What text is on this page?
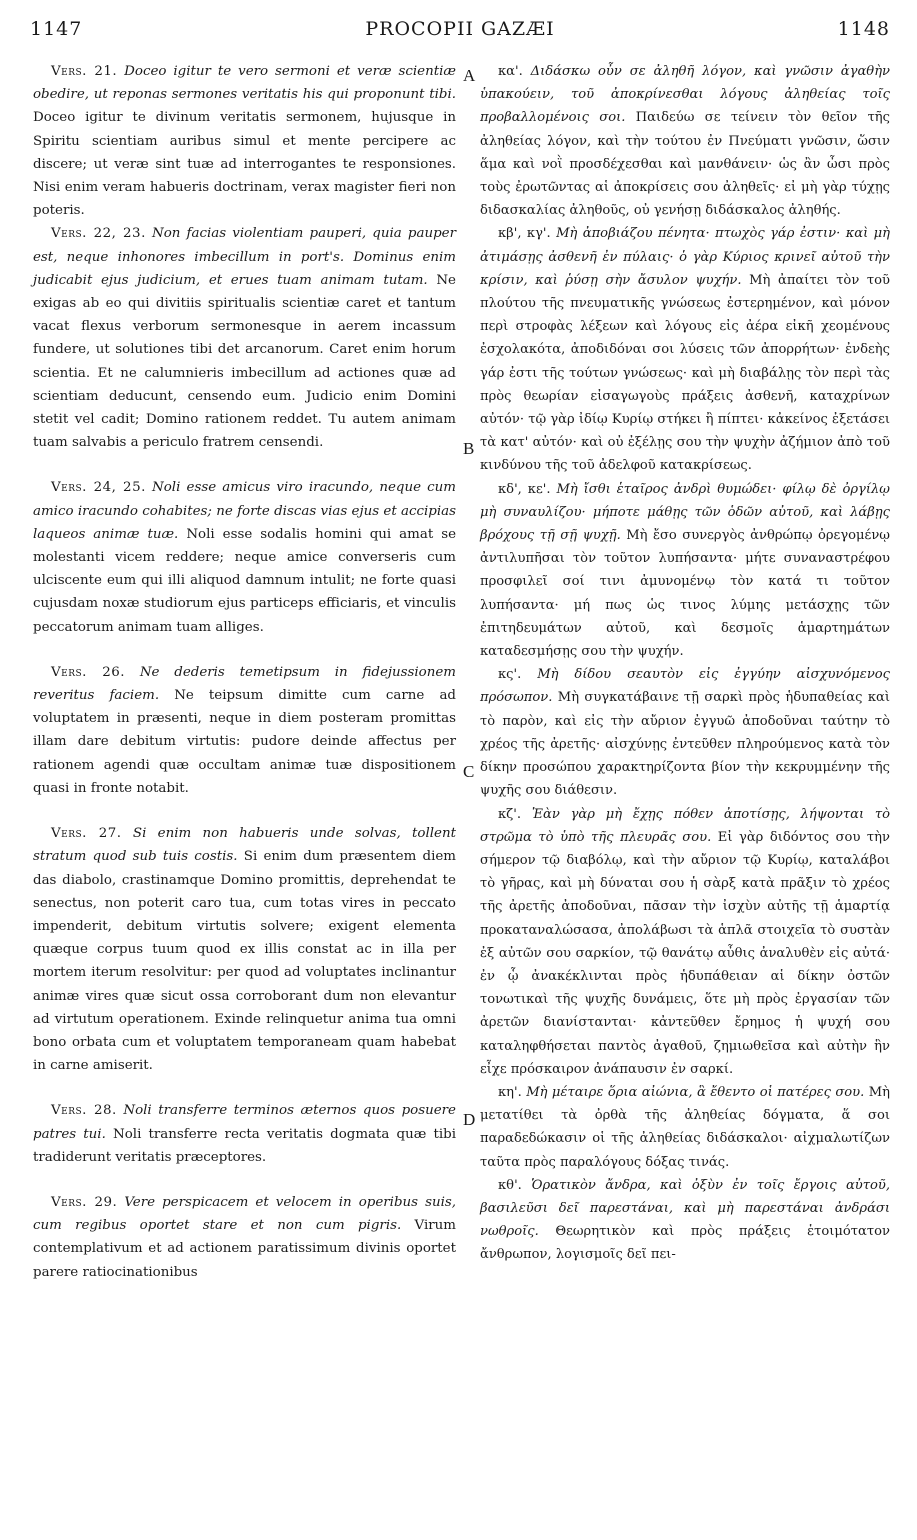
1147	PROCOPII GAZÆI	1148
A
B
C
D

Vers. 21. Doceo igitur te vero sermoni et veræ scientiæ obedire, ut reponas sermones veritatis his qui proponunt tibi. Doceo igitur te divinum veritatis sermonem, hujusque in Spiritu scientiam auribus simul et mente percipere ac discere; ut veræ sint tuæ ad interrogantes te responsiones. Nisi enim veram habueris doctrinam, verax magister fieri non poteris.

Vers. 22, 23. Non facias violentiam pauperi, quia pauper est, neque inhonores imbecillum in port's. Dominus enim judicabit ejus judicium, et erues tuam animam tutam. Ne exigas ab eo qui divitiis spiritualis scientiæ caret et tantum vacat flexus verborum sermonesque in aerem incassum fundere, ut solutiones tibi det arcanorum. Caret enim horum scientia. Et ne calumnieris imbecillum ad actiones quæ ad scientiam deducunt, censendo eum. Judicio enim Domini stetit vel cadit; Domino rationem reddet. Tu autem animam tuam salvabis a periculo fratrem censendi.

Vers. 24, 25. Noli esse amicus viro iracundo, neque cum amico iracundo cohabites; ne forte discas vias ejus et accipias laqueos animæ tuæ. Noli esse sodalis homini qui amat se molestanti vicem reddere; neque amice converseris cum ulciscente eum qui illi aliquod damnum intulit; ne forte quasi cujusdam noxæ studiorum ejus particeps efficiaris, et vinculis peccatorum animam tuam alliges.

Vers. 26. Ne dederis temetipsum in fidejussionem reveritus faciem. Ne teipsum dimitte cum carne ad voluptatem in præsenti, neque in diem posteram promittas illam dare debitum virtutis: pudore deinde affectus per rationem agendi quæ occultam animæ tuæ dispositionem quasi in fronte notabit.

Vers. 27. Si enim non habueris unde solvas, tollent stratum quod sub tuis costis. Si enim dum præsentem diem das diabolo, crastinamque Domino promittis, deprehendat te senectus, non poterit caro tua, cum totas vires in peccato impenderit, debitum virtutis solvere; exigent elementa quæque corpus tuum quod ex illis constat ac in illa per mortem iterum resolvitur: per quod ad voluptates inclinantur animæ vires quæ sicut ossa corroborant dum non elevantur ad virtutum operationem. Exinde relinquetur anima tua omni bono orbata cum et voluptatem temporaneam quam habebat in carne amiserit.

Vers. 28. Noli transferre terminos æternos quos posuere patres tui. Noli transferre recta veritatis dogmata quæ tibi tradiderunt veritatis præceptores.

Vers. 29. Vere perspicacem et velocem in operibus suis, cum regibus oportet stare et non cum pigris. Virum contemplativum et ad actionem paratissimum divinis oportet parere ratiocinationibus

κα'. Διδάσκω οὖν σε ἀληθῆ λόγον, καὶ γνῶσιν ἀγαθὴν ὑπακούειν, τοῦ ἀποκρίνεσθαι λόγους ἀληθείας τοῖς προβαλλομένοις σοι. Παιδεύω σε τείνειν τὸν θεῖον τῆς ἀληθείας λόγον, καὶ τὴν τούτου ἐν Πνεύματι γνῶσιν, ὥσιν ἅμα καὶ νοῒ προσδέχεσθαι καὶ μανθάνειν· ὡς ἂν ὦσι πρὸς τοὺς ἐρωτῶντας αἱ ἀποκρίσεις σου ἀληθεῖς· εἰ μὴ γὰρ τύχῃς διδασκαλίας ἀληθοῦς, οὐ γενήσῃ διδάσκαλος ἀληθής.

κβ', κγ'. Μὴ ἀποβιάζου πένητα· πτωχὸς γάρ ἐστιν· καὶ μὴ ἀτιμάσῃς ἀσθενῆ ἐν πύλαις· ὁ γὰρ Κύριος κρινεῖ αὐτοῦ τὴν κρίσιν, καὶ ῥύσῃ σὴν ἄσυλον ψυχήν. Μὴ ἀπαίτει τὸν τοῦ πλούτου τῆς πνευματικῆς γνώσεως ἐστερημένον, καὶ μόνον περὶ στροφὰς λέξεων καὶ λόγους εἰς ἀέρα εἰκῆ χεομένους ἐσχολακότα, ἀποδιδόναι σοι λύσεις τῶν ἀπορρήτων· ἐνδεὴς γάρ ἐστι τῆς τούτων γνώσεως· καὶ μὴ διαβάλῃς τὸν περὶ τὰς πρὸς θεωρίαν εἰσαγωγοὺς πράξεις ἀσθενῆ, καταχρίνων αὐτόν· τῷ γὰρ ἰδίῳ Κυρίῳ στήκει ἢ πίπτει· κἀκείνος ἐξετάσει τὰ κατ' αὐτόν· καὶ οὐ ἐξέλῃς σου τὴν ψυχὴν ἀζήμιον ἀπὸ τοῦ κινδύνου τῆς τοῦ ἀδελφοῦ κατακρίσεως.

κδ', κε'. Μὴ ἴσθι ἑταῖρος ἀνδρὶ θυμώδει· φίλῳ δὲ ὀργίλῳ μὴ συναυλίζου· μήποτε μάθῃς τῶν ὁδῶν αὐτοῦ, καὶ λάβῃς βρόχους τῇ σῇ ψυχῇ. Μὴ ἔσο συνεργὸς ἀνθρώπῳ ὀρεγομένῳ ἀντιλυπῆσαι τὸν τοῦτον λυπήσαντα· μήτε συναναστρέφου προσφιλεῖ σοί τινι ἀμυνομένῳ τὸν κατά τι τοῦτον λυπήσαντα· μή πως ὡς τινος λύμης μετάσχῃς τῶν ἐπιτηδευμάτων αὐτοῦ, καὶ δεσμοῖς ἁμαρτημάτων καταδεσμήσῃς σου τὴν ψυχήν.

κς'. Μὴ δίδου σεαυτὸν εἰς ἐγγύην αἰσχυνόμενος πρόσωπον. Μὴ συγκατάβαινε τῇ σαρκὶ πρὸς ἡδυπαθείας καὶ τὸ παρὸν, καὶ εἰς τὴν αὔριον ἐγγυῶ ἀποδοῦναι ταύτην τὸ χρέος τῆς ἀρετῆς· αἰσχύνῃς ἐντεῦθεν πληρούμενος κατὰ τὸν δίκην προσώπου χαρακτηρίζοντα βίον τὴν κεκρυμμένην τῆς ψυχῆς σου διάθεσιν.

κζ'. Ἐὰν γὰρ μὴ ἔχῃς πόθεν ἀποτίσῃς, λήψονται τὸ στρῶμα τὸ ὑπὸ τῆς πλευρᾶς σου. Εἰ γὰρ διδόντος σου τὴν σήμερον τῷ διαβόλῳ, καὶ τὴν αὔριον τῷ Κυρίῳ, καταλάβοι τὸ γῆρας, καὶ μὴ δύναται σου ἡ σὰρξ κατὰ πρᾶξιν τὸ χρέος τῆς ἀρετῆς ἀποδοῦναι, πᾶσαν τὴν ἰσχὺν αὐτῆς τῇ ἁμαρτίᾳ προκαταναλώσασα, ἀπολάβωσι τὰ ἁπλᾶ στοιχεῖα τὸ συστὰν ἐξ αὐτῶν σου σαρκίον, τῷ θανάτῳ αὖθις ἀναλυθὲν εἰς αὐτά· ἐν ᾧ ἀνακέκλινται πρὸς ἡδυπάθειαν αἱ δίκην ὀστῶν τονωτικαὶ τῆς ψυχῆς δυνάμεις, ὅτε μὴ πρὸς ἐργασίαν τῶν ἀρετῶν διανίστανται· κἀντεῦθεν ἔρημος ἡ ψυχή σου καταληφθήσεται παντὸς ἀγαθοῦ, ζημιωθεῖσα καὶ αὐτὴν ἣν εἶχε πρόσκαιρον ἀνάπαυσιν ἐν σαρκί.

κη'. Μὴ μέταιρε ὅρια αἰώνια, ἃ ἔθεντο οἱ πατέρες σου. Μὴ μετατίθει τὰ ὀρθὰ τῆς ἀληθείας δόγματα, ἅ σοι παραδεδώκασιν οἱ τῆς ἀληθείας διδάσκαλοι· αἰχμαλωτίζων ταῦτα πρὸς παραλόγους δόξας τινάς.

κθ'. Ὁρατικὸν ἄνδρα, καὶ ὀξὺν ἐν τοῖς ἔργοις αὐτοῦ, βασιλεῦσι δεῖ παρεστάναι, καὶ μὴ παρεστάναι ἀνδράσι νωθροῖς. Θεωρητικὸν καὶ πρὸς πράξεις ἑτοιμότατον ἄνθρωπον, λογισμοῖς δεῖ πει-
